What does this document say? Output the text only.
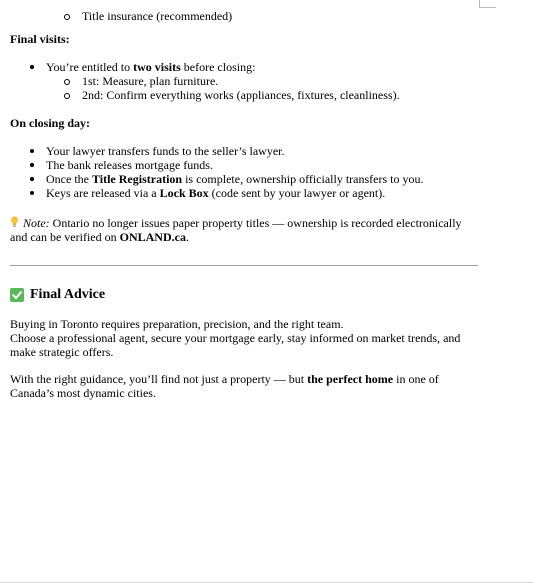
Title insurance (recommended)

Final visits:

You’re entitled to two visits before closing:
1st: Measure, plan furniture.
2nd: Confirm everything works (appliances, fixtures, cleanliness).

On closing day:

Your lawyer transfers funds to the seller’s lawyer.
The bank releases mortgage funds.
Once the Title Registration is complete, ownership officially transfers to you.
Keys are released via a Lock Box (code sent by your lawyer or agent).

Note: Ontario no longer issues paper property titles — ownership is recorded electronically and can be verified on ONLAND.ca.

Final Advice

Buying in Toronto requires preparation, precision, and the right team.
Choose a professional agent, secure your mortgage early, stay informed on market trends, and make strategic offers.

With the right guidance, you’ll find not just a property — but the perfect home in one of Canada’s most dynamic cities.
